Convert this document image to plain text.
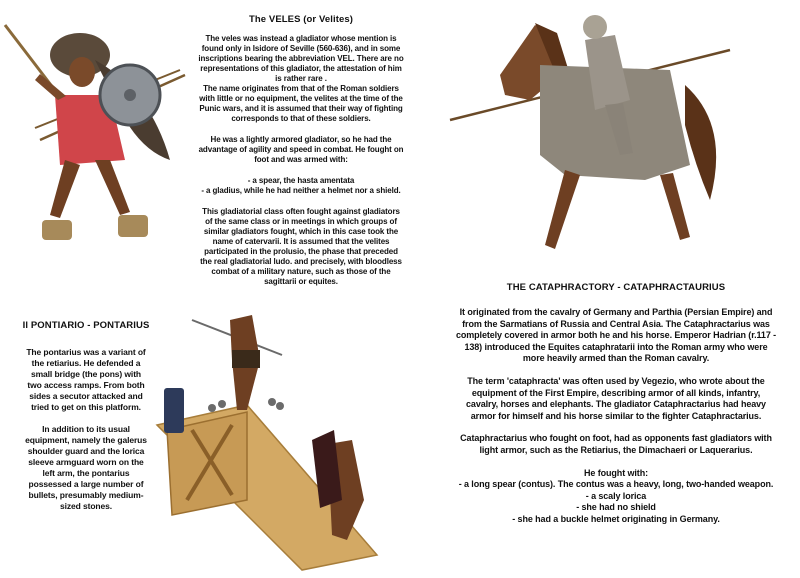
The VELES (or Velites)

The veles was instead a gladiator whose mention is
found only in Isidore of Seville (560-636), and in some
inscriptions bearing the abbreviation VEL. There are no
representations of this gladiator, the attestation of him
is rather rare .
The name originates from that of the Roman soldiers
with little or no equipment, the velites at the time of the
Punic wars, and it is assumed that their way of fighting
corresponds to that of these soldiers.

He was a lightly armored gladiator, so he had the
advantage of agility and speed in combat. He fought on
foot and was armed with:

- a spear, the hasta amentata
- a gladius, while he had neither a helmet nor a shield.

This gladiatorial class often fought against gladiators
of the same class or in meetings in which groups of
similar gladiators fought, which in this case took the
name of catervarii. It is assumed that the velites
participated in the prolusio, the phase that preceded
the real gladiatorial ludo. and precisely, with bloodless
combat of a military nature, such as those of the
sagittarii or equites.

THE CATAPHRACTORY - CATAPHRACTAURIUS

It originated from the cavalry of Germany and Parthia (Persian Empire) and
from the Sarmatians of Russia and Central Asia. The Cataphractarius was
completely covered in armor both he and his horse. Emperor Hadrian (r.117 -
138) introduced the Equites cataphratarii into the Roman army who were
more heavily armed than the Roman cavalry.

The term 'cataphracta' was often used by Vegezio, who wrote about the
equipment of the First Empire, describing armor of all kinds, infantry,
cavalry, horses and elephants. The gladiator Cataphractarius had heavy
armor for himself and his horse similar to the fighter Cataphractarius.

Cataphractarius who fought on foot, had as opponents fast gladiators with
light armor, such as the Retiarius, the Dimachaeri or Laquerarius.

He fought with:
- a long spear (contus). The contus was a heavy, long, two-handed weapon.
- a scaly lorica
- she had no shield
- she had a buckle helmet originating in Germany.

Il PONTIARIO - PONTARIUS

The pontarius was a variant of
the retiarius. He defended a
small bridge (the pons) with
two access ramps. From both
sides a secutor attacked and
tried to get on this platform.

In addition to its usual
equipment, namely the galerus
shoulder guard and the lorica
sleeve armguard worn on the
left arm, the pontarius
possessed a large number of
bullets, presumably medium-
sized stones.
